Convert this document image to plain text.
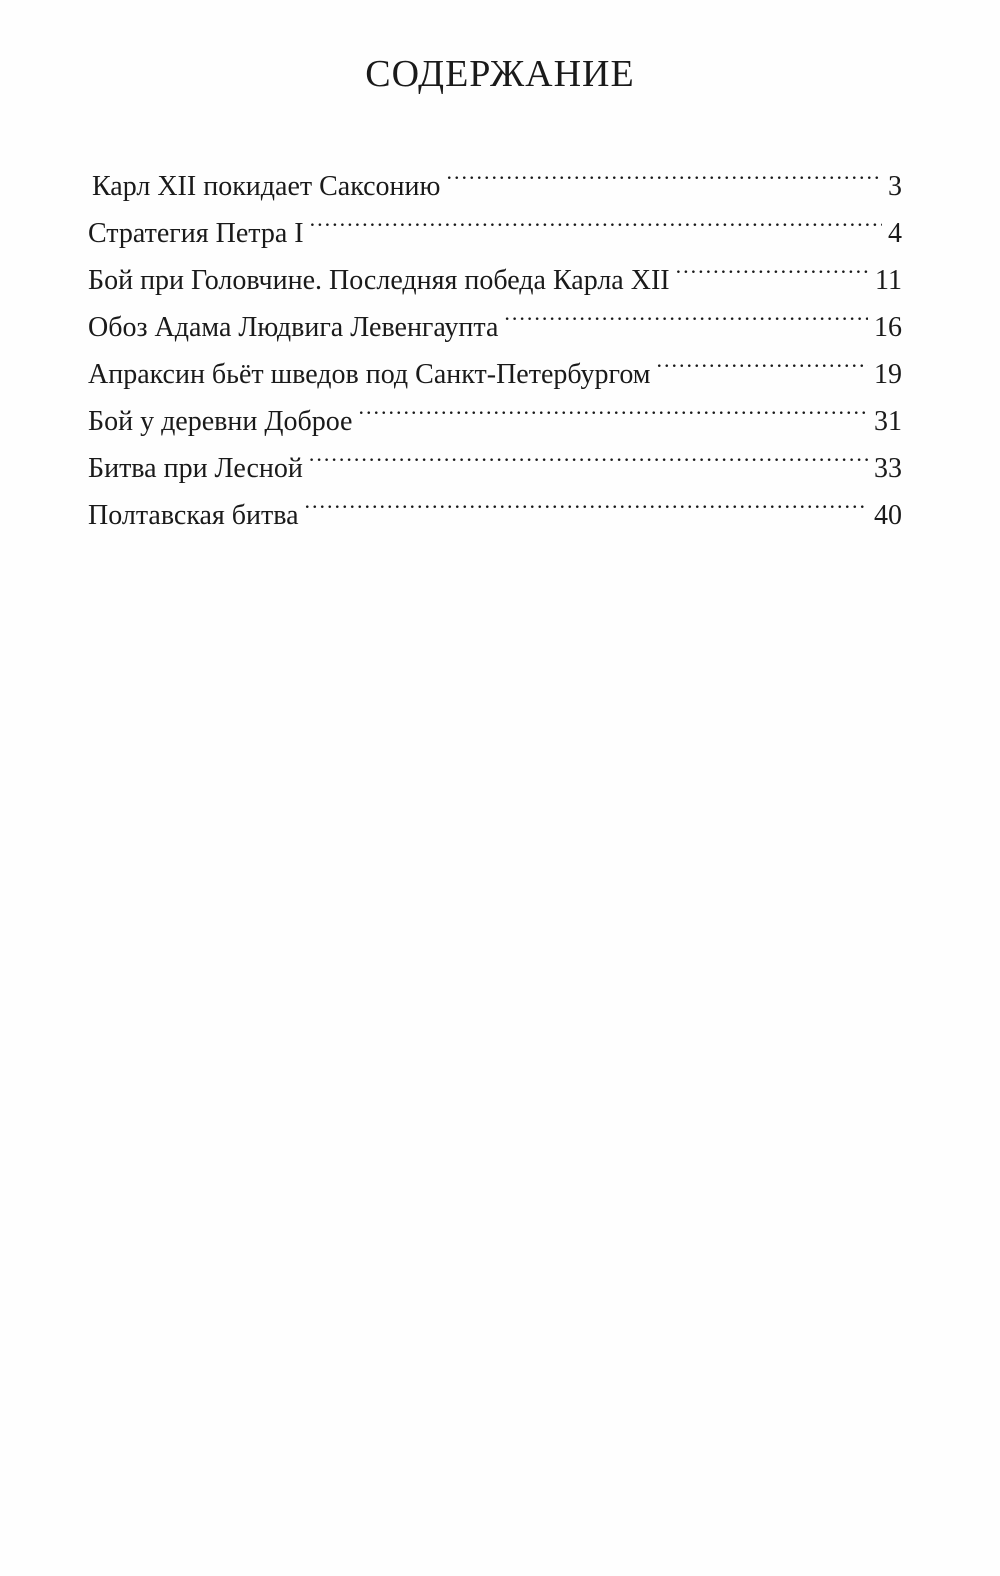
СОДЕРЖАНИЕ
Карл XII покидает Саксонию .....	3
Стратегия Петра I .....	4
Бой при Головчине. Последняя победа Карла XII .....	11
Обоз Адама Людвига Левенгаупта .....	16
Апраксин бьёт шведов под Санкт-Петербургом .....	19
Бой у деревни Доброе .....	31
Битва при Лесной .....	33
Полтавская битва .....	40
